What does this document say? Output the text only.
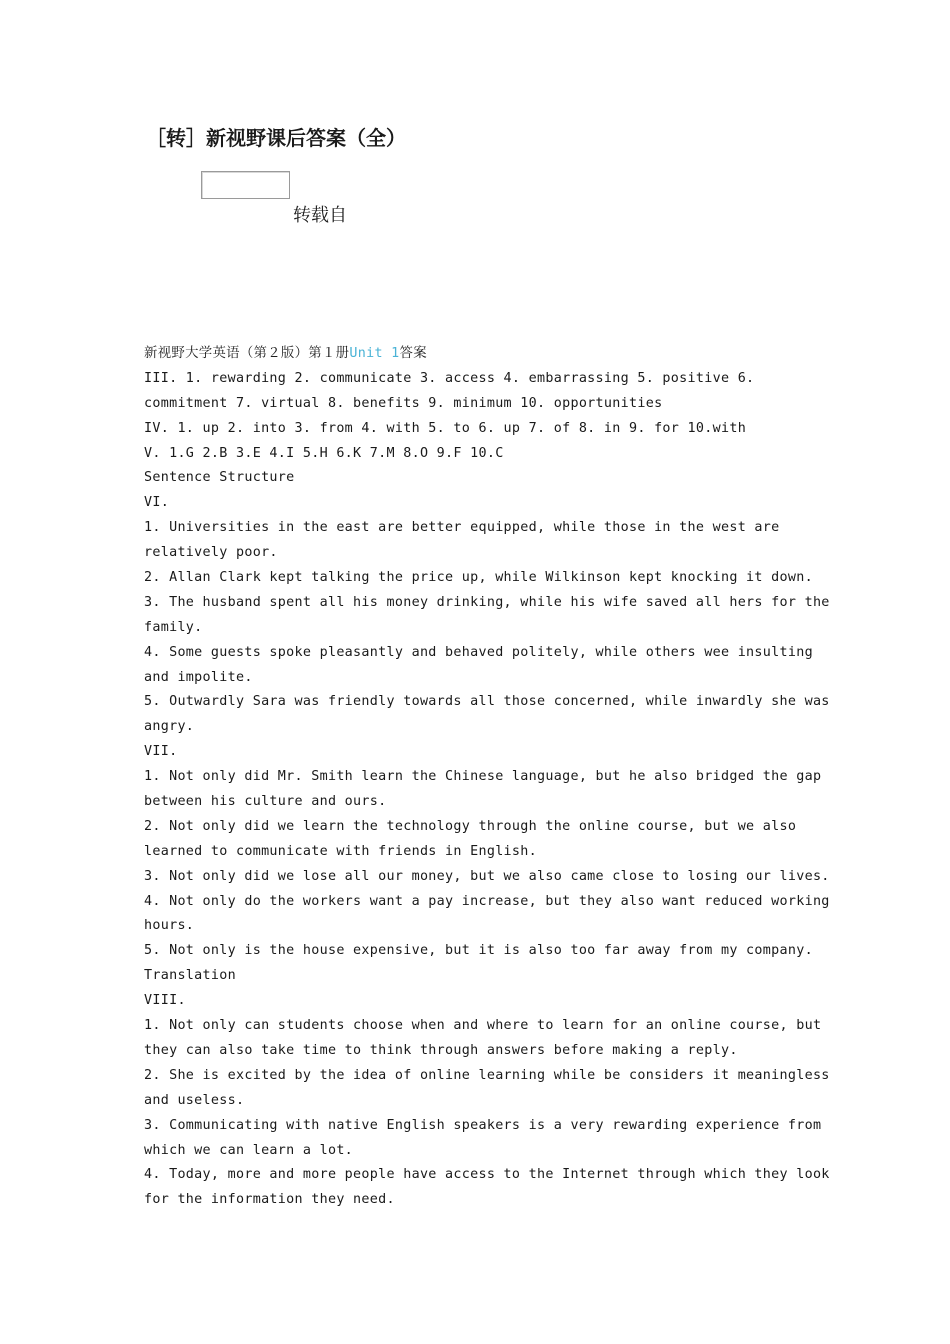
［转］新视野课后答案（全）
转载自
新视野大学英语（第２版）第１册Unit 1答案
III. 1. rewarding 2. communicate 3. access 4. embarrassing 5. positive 6.
commitment 7. virtual 8. benefits 9. minimum 10. opportunities
IV. 1. up 2. into 3. from 4. with 5. to 6. up 7. of 8. in 9. for 10.with
V. 1.G 2.B 3.E 4.I 5.H 6.K 7.M 8.O 9.F 10.C
Sentence Structure
VI.
1. Universities in the east are better equipped, while those in the west are
relatively poor.
2. Allan Clark kept talking the price up, while Wilkinson kept knocking it down.
3. The husband spent all his money drinking, while his wife saved all hers for the
family.
4. Some guests spoke pleasantly and behaved politely, while others wee insulting
and impolite.
5. Outwardly Sara was friendly towards all those concerned, while inwardly she was
angry.
VII.
1. Not only did Mr. Smith learn the Chinese language, but he also bridged the gap
between his culture and ours.
2. Not only did we learn the technology through the online course, but we also
learned to communicate with friends in English.
3. Not only did we lose all our money, but we also came close to losing our lives.
4. Not only do the workers want a pay increase, but they also want reduced working
hours.
5. Not only is the house expensive, but it is also too far away from my company.
Translation
VIII.
1. Not only can students choose when and where to learn for an online course, but
they can also take time to think through answers before making a reply.
2. She is excited by the idea of online learning while be considers it meaningless
and useless.
3. Communicating with native English speakers is a very rewarding experience from
which we can learn a lot.
4. Today, more and more people have access to the Internet through which they look
for the information they need.
